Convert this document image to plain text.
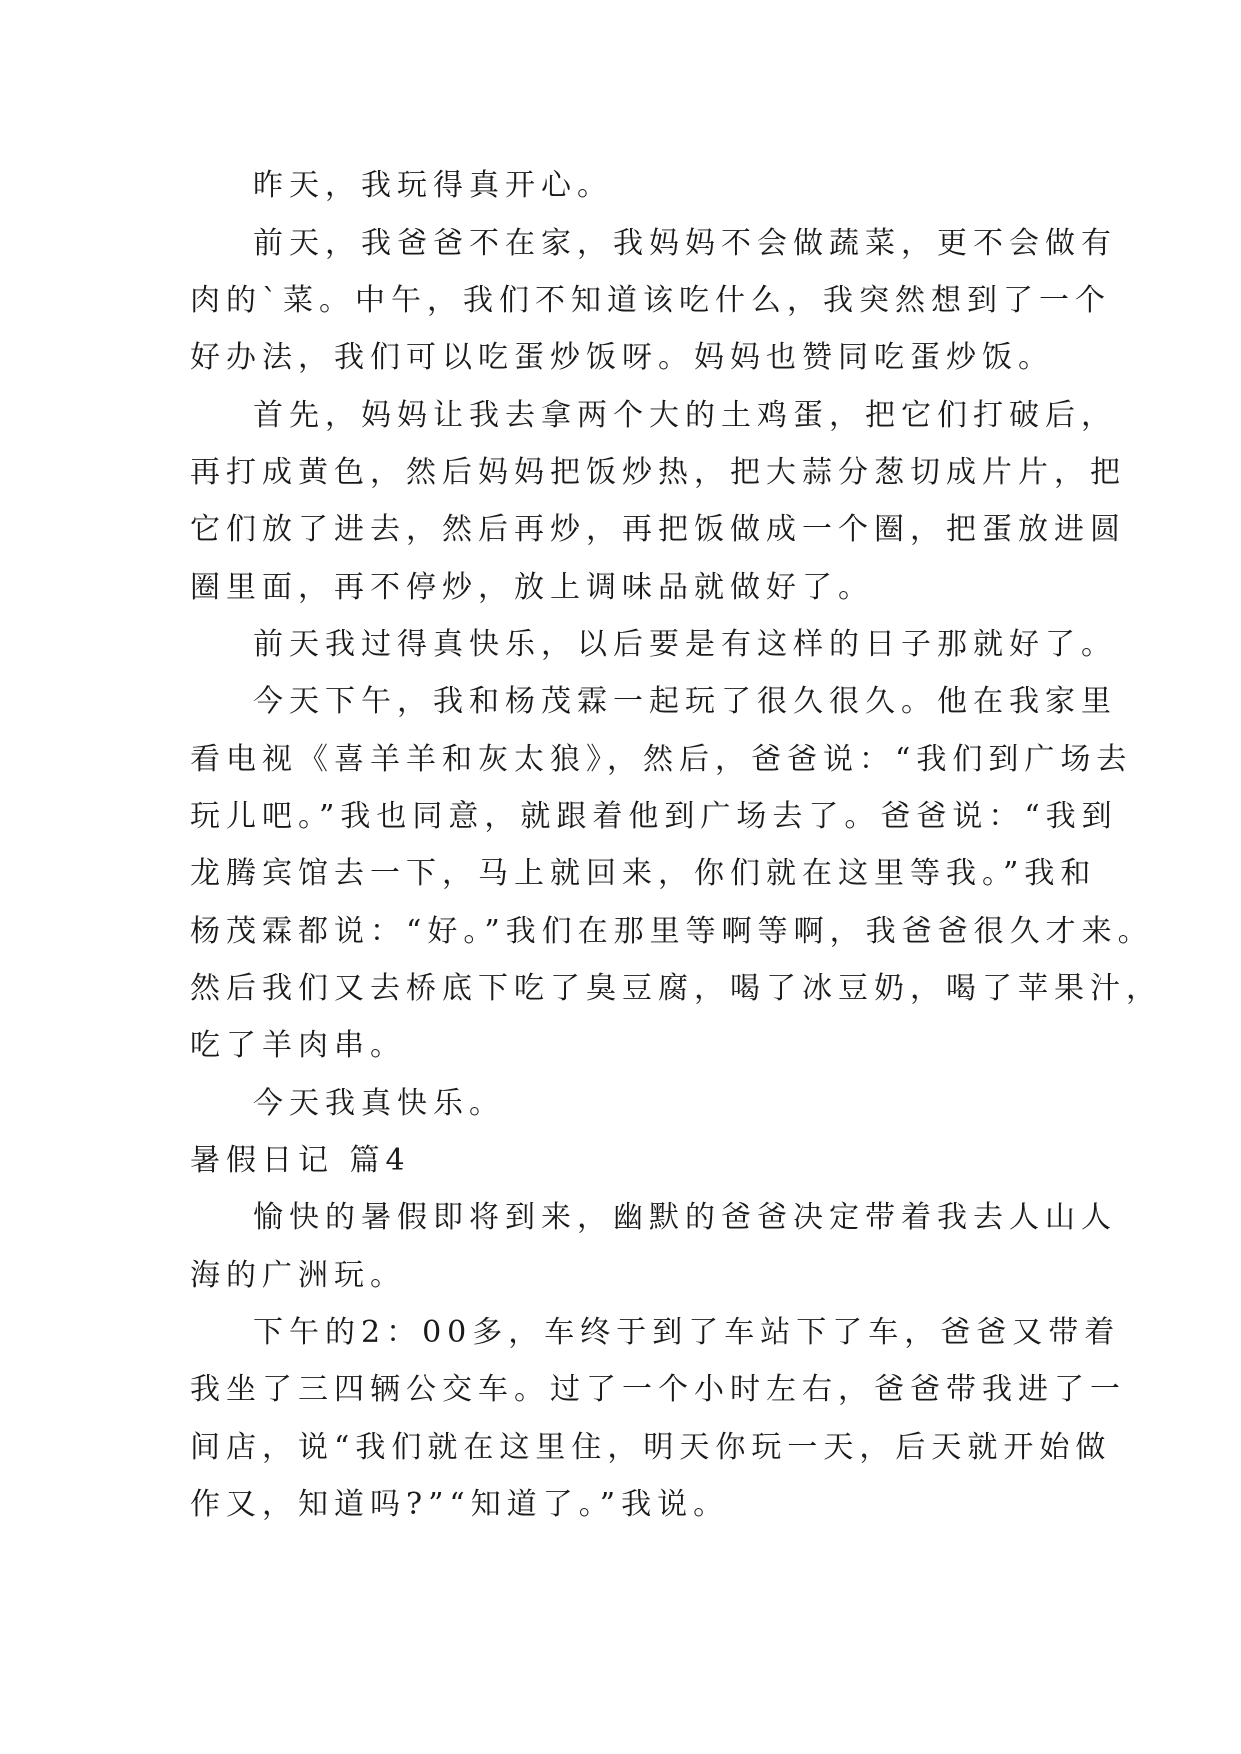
昨天，我玩得真开心。
前天，我爸爸不在家，我妈妈不会做蔬菜，更不会做有
肉的`菜。中午，我们不知道该吃什么，我突然想到了一个
好办法，我们可以吃蛋炒饭呀。妈妈也赞同吃蛋炒饭。
首先，妈妈让我去拿两个大的土鸡蛋，把它们打破后，
再打成黄色，然后妈妈把饭炒热，把大蒜分葱切成片片，把
它们放了进去，然后再炒，再把饭做成一个圈，把蛋放进圆
圈里面，再不停炒，放上调味品就做好了。
前天我过得真快乐，以后要是有这样的日子那就好了。
今天下午，我和杨茂霖一起玩了很久很久。他在我家里
看电视《喜羊羊和灰太狼》，然后，爸爸说：“我们到广场去
玩儿吧。”我也同意，就跟着他到广场去了。爸爸说：“我到
龙腾宾馆去一下，马上就回来，你们就在这里等我。”我和
杨茂霖都说：“好。”我们在那里等啊等啊，我爸爸很久才来。
然后我们又去桥底下吃了臭豆腐，喝了冰豆奶，喝了苹果汁，
吃了羊肉串。
今天我真快乐。
暑假日记 篇4
愉快的暑假即将到来，幽默的爸爸决定带着我去人山人
海的广洲玩。
下午的2：00多，车终于到了车站下了车，爸爸又带着
我坐了三四辆公交车。过了一个小时左右，爸爸带我进了一
间店，说“我们就在这里住，明天你玩一天，后天就开始做
作又，知道吗?”“知道了。”我说。
